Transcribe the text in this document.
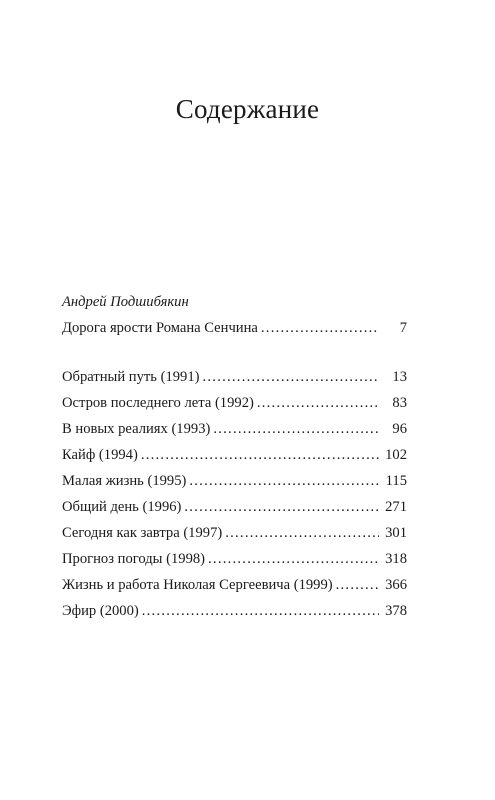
Содержание
Андрей Подшибякин
Дорога ярости Романа Сенчина . . .	7
Обратный путь (1991) . . .	13
Остров последнего лета (1992) . . .	83
В новых реалиях (1993) . . .	96
Кайф (1994) . . .	102
Малая жизнь (1995) . . .	115
Общий день (1996) . . .	271
Сегодня как завтра (1997) . . .	301
Прогноз погоды (1998) . . .	318
Жизнь и работа Николая Сергеевича (1999) . . .	366
Эфир (2000) . . .	378
